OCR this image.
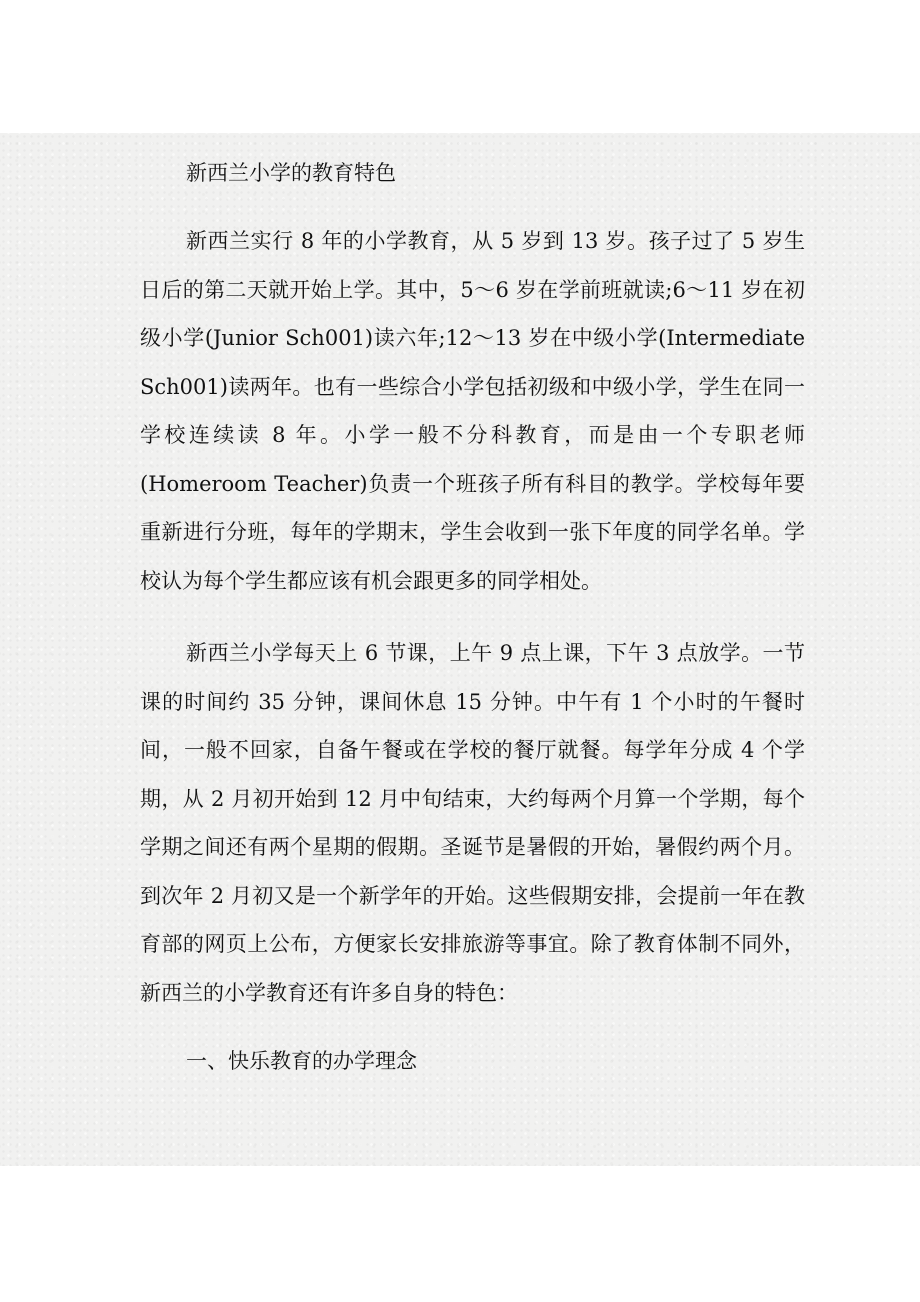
新西兰小学的教育特色

新西兰实行 8 年的小学教育，从 5 岁到 13 岁。孩子过了 5 岁生日后的第二天就开始上学。其中，5～6 岁在学前班就读;6～11 岁在初级小学(Junior Sch001)读六年;12～13 岁在中级小学(Intermediate Sch001)读两年。也有一些综合小学包括初级和中级小学，学生在同一学校连续读 8 年。小学一般不分科教育，而是由一个专职老师(Homeroom Teacher)负责一个班孩子所有科目的教学。学校每年要重新进行分班，每年的学期末，学生会收到一张下年度的同学名单。学校认为每个学生都应该有机会跟更多的同学相处。

新西兰小学每天上 6 节课，上午 9 点上课，下午 3 点放学。一节课的时间约 35 分钟，课间休息 15 分钟。中午有 1 个小时的午餐时间，一般不回家，自备午餐或在学校的餐厅就餐。每学年分成 4 个学期，从 2 月初开始到 12 月中旬结束，大约每两个月算一个学期，每个学期之间还有两个星期的假期。圣诞节是暑假的开始，暑假约两个月。到次年 2 月初又是一个新学年的开始。这些假期安排，会提前一年在教育部的网页上公布，方便家长安排旅游等事宜。除了教育体制不同外，新西兰的小学教育还有许多自身的特色：

一、快乐教育的办学理念
